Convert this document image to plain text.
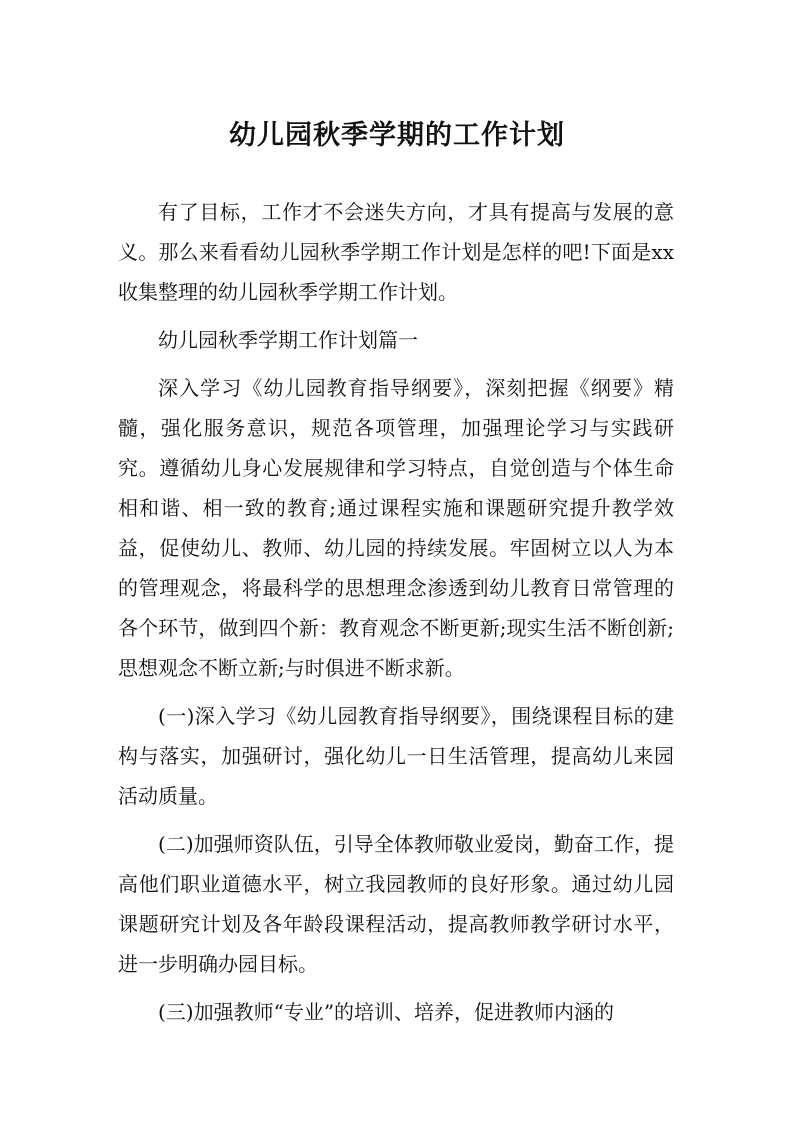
幼儿园秋季学期的工作计划

有了目标，工作才不会迷失方向，才具有提高与发展的意义。那么来看看幼儿园秋季学期工作计划是怎样的吧!下面是xx收集整理的幼儿园秋季学期工作计划。

幼儿园秋季学期工作计划篇一

深入学习《幼儿园教育指导纲要》，深刻把握《纲要》精髓，强化服务意识，规范各项管理，加强理论学习与实践研究。遵循幼儿身心发展规律和学习特点，自觉创造与个体生命相和谐、相一致的教育;通过课程实施和课题研究提升教学效益，促使幼儿、教师、幼儿园的持续发展。牢固树立以人为本的管理观念，将最科学的思想理念渗透到幼儿教育日常管理的各个环节，做到四个新：教育观念不断更新;现实生活不断创新;思想观念不断立新;与时俱进不断求新。

(一)深入学习《幼儿园教育指导纲要》，围绕课程目标的建构与落实，加强研讨，强化幼儿一日生活管理，提高幼儿来园活动质量。

(二)加强师资队伍，引导全体教师敬业爱岗，勤奋工作，提高他们职业道德水平，树立我园教师的良好形象。通过幼儿园课题研究计划及各年龄段课程活动，提高教师教学研讨水平，进一步明确办园目标。

(三)加强教师“专业”的培训、培养，促进教师内涵的
